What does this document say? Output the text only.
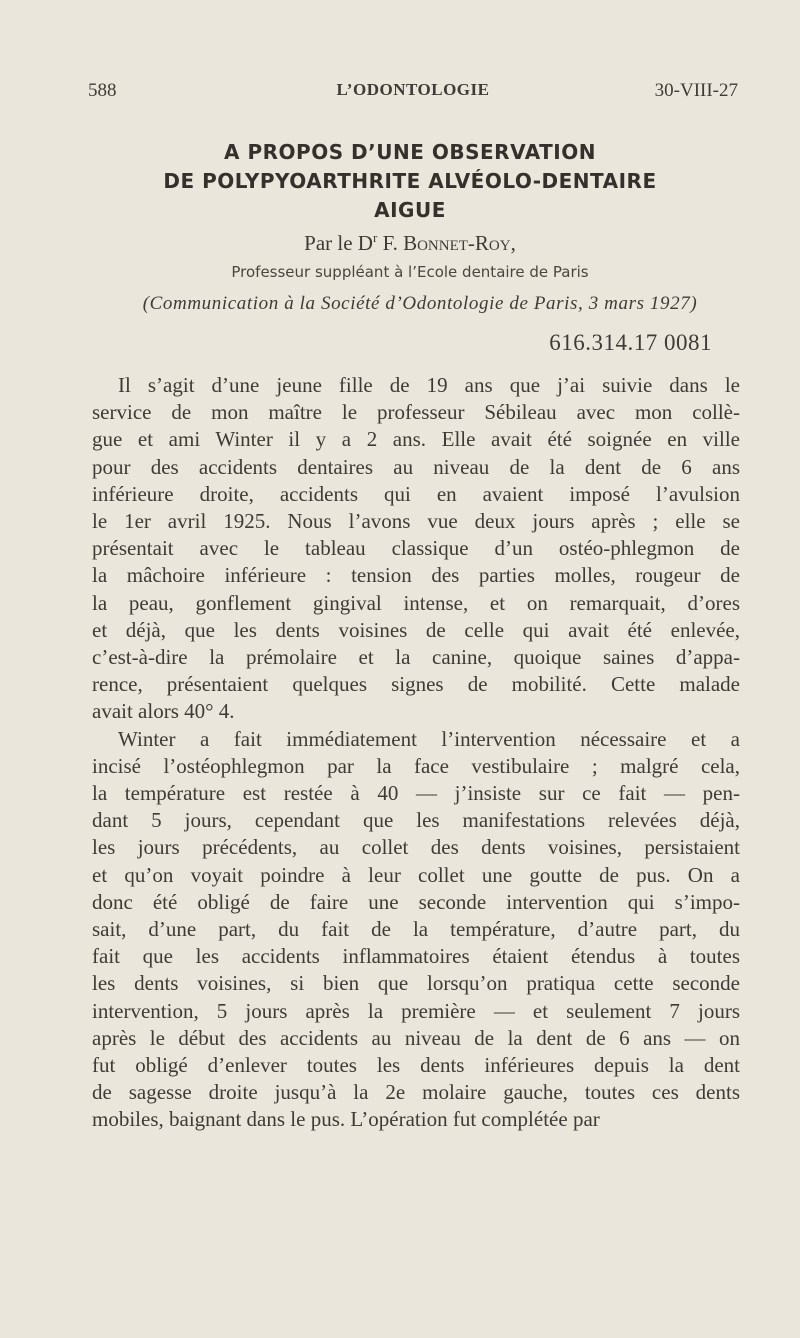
588	L’ODONTOLOGIE	30-VIII-27
A PROPOS D’UNE OBSERVATION
DE POLYPYOARTHRITE ALVÉOLO-DENTAIRE
AIGUE
Par le $D^r$ F. Bonnet-Roy,
Professeur suppléant à l’Ecole dentaire de Paris
(Communication à la Société d’Odontologie de Paris, 3 mars 1927)
616.314.17 0081
Il s’agit d’une jeune fille de 19 ans que j’ai suivie dans le
service de mon maître le professeur Sébileau avec mon collè-
gue et ami Winter il y a 2 ans. Elle avait été soignée en ville
pour des accidents dentaires au niveau de la dent de 6 ans
inférieure droite, accidents qui en avaient imposé l’avulsion
le 1er avril 1925. Nous l’avons vue deux jours après ; elle se
présentait avec le tableau classique d’un ostéo-phlegmon de
la mâchoire inférieure : tension des parties molles, rougeur de
la peau, gonflement gingival intense, et on remarquait, d’ores
et déjà, que les dents voisines de celle qui avait été enlevée,
c’est-à-dire la prémolaire et la canine, quoique saines d’appa-
rence, présentaient quelques signes de mobilité. Cette malade
avait alors 40° 4.
Winter a fait immédiatement l’intervention nécessaire et a
incisé l’ostéophlegmon par la face vestibulaire ; malgré cela,
la température est restée à 40 — j’insiste sur ce fait — pen-
dant 5 jours, cependant que les manifestations relevées déjà,
les jours précédents, au collet des dents voisines, persistaient
et qu’on voyait poindre à leur collet une goutte de pus. On a
donc été obligé de faire une seconde intervention qui s’impo-
sait, d’une part, du fait de la température, d’autre part, du
fait que les accidents inflammatoires étaient étendus à toutes
les dents voisines, si bien que lorsqu’on pratiqua cette seconde
intervention, 5 jours après la première — et seulement 7 jours
après le début des accidents au niveau de la dent de 6 ans — on
fut obligé d’enlever toutes les dents inférieures depuis la dent
de sagesse droite jusqu’à la 2e molaire gauche, toutes ces dents
mobiles, baignant dans le pus. L’opération fut complétée par
